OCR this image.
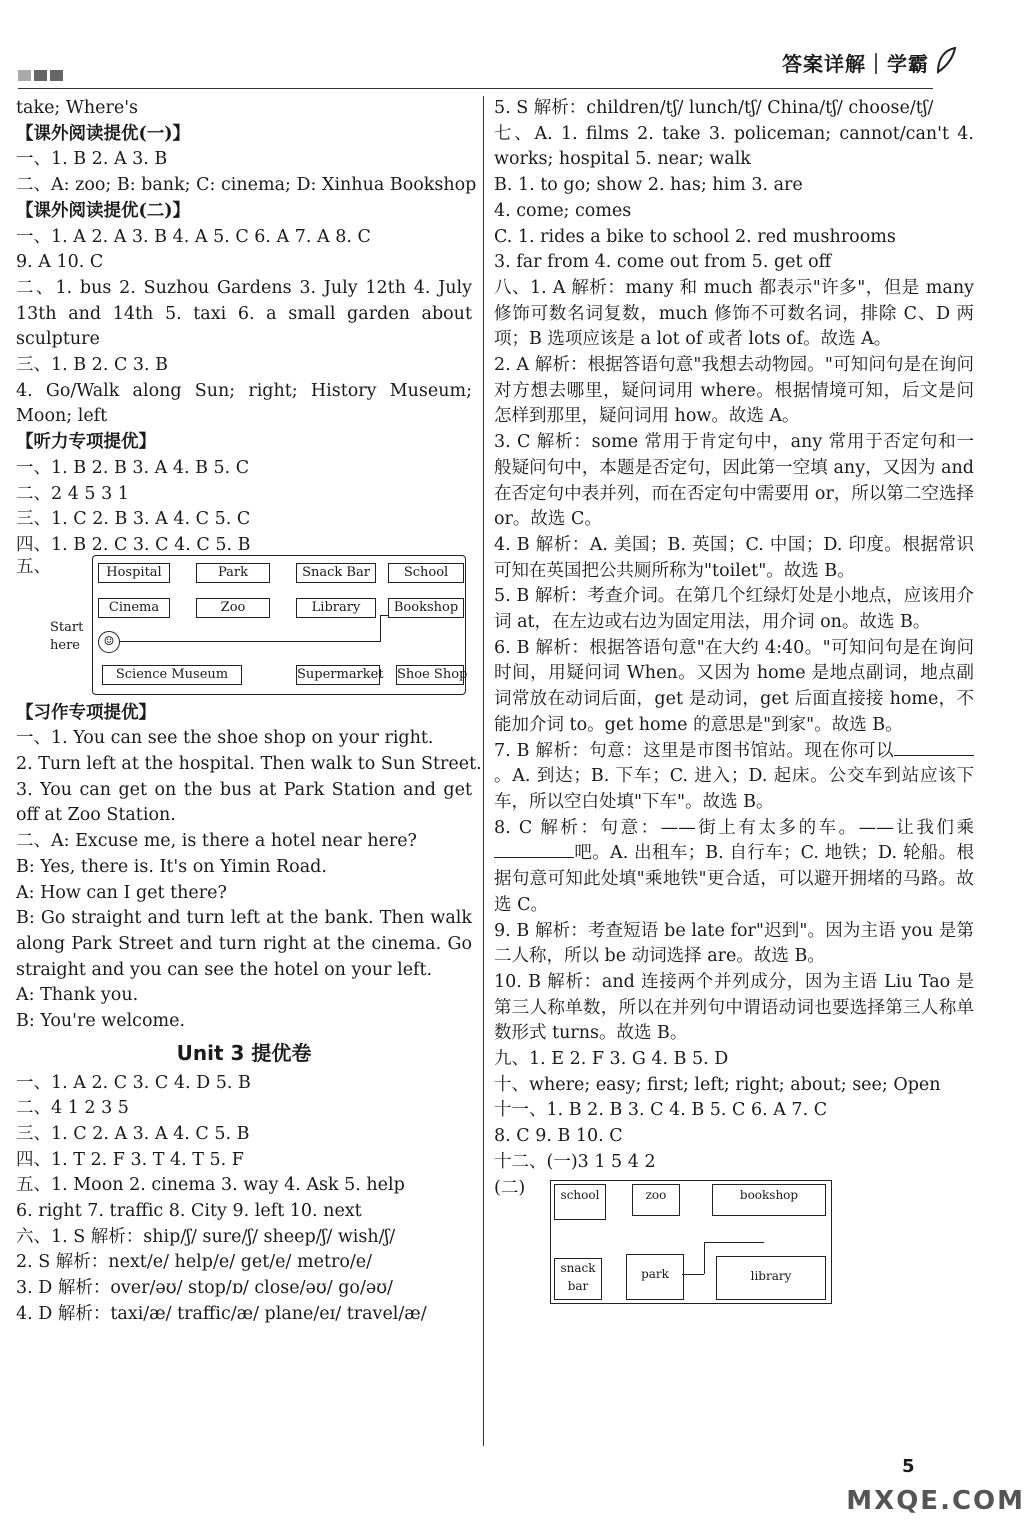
答案详解｜学霸
take; Where's
【课外阅读提优(一)】
一、1. B 2. A 3. B
二、A: zoo; B: bank; C: cinema; D: Xinhua Bookshop
【课外阅读提优(二)】
一、1. A 2. A 3. B 4. A 5. C 6. A 7. A 8. C
9. A 10. C
二、1. bus 2. Suzhou Gardens 3. July 12th 4. July 13th and 14th 5. taxi 6. a small garden about sculpture
三、1. B 2. C 3. B
4. Go/Walk along Sun; right; History Museum; Moon; left
【听力专项提优】
一、1. B 2. B 3. A 4. B 5. C
二、2 4 5 3 1
三、1. C 2. B 3. A 4. C 5. C
四、1. B 2. C 3. C 4. C 5. B
五、
Start
here
Hospital	Park	Snack Bar	School
Cinema	Zoo	Library	Bookshop
☺
Science Museum	Supermarket Shoe Shop
【习作专项提优】
一、1. You can see the shoe shop on your right.
2. Turn left at the hospital. Then walk to Sun Street.
3. You can get on the bus at Park Station and get off at Zoo Station.
二、A: Excuse me, is there a hotel near here?
B: Yes, there is. It's on Yimin Road.
A: How can I get there?
B: Go straight and turn left at the bank. Then walk along Park Street and turn right at the cinema. Go straight and you can see the hotel on your left.
A: Thank you.
B: You're welcome.
Unit 3 提优卷
一、1. A 2. C 3. C 4. D 5. B
二、4 1 2 3 5
三、1. C 2. A 3. A 4. C 5. B
四、1. T 2. F 3. T 4. T 5. F
五、1. Moon 2. cinema 3. way 4. Ask 5. help
6. right 7. traffic 8. City 9. left 10. next
六、1. S 解析：ship/ʃ/ sure/ʃ/ sheep/ʃ/ wish/ʃ/
2. S 解析：next/e/ help/e/ get/e/ metro/e/
3. D 解析：over/əʊ/ stop/ɒ/ close/əʊ/ go/əʊ/
4. D 解析：taxi/æ/ traffic/æ/ plane/eɪ/ travel/æ/
5. S 解析：children/tʃ/ lunch/tʃ/ China/tʃ/ choose/tʃ/
七、A. 1. films 2. take 3. policeman; cannot/can't 4. works; hospital 5. near; walk
B. 1. to go; show 2. has; him 3. are
4. come; comes
C. 1. rides a bike to school 2. red mushrooms
3. far from 4. come out from 5. get off
八、1. A 解析：many 和 much 都表示"许多"，但是 many 修饰可数名词复数，much 修饰不可数名词，排除 C、D 两项；B 选项应该是 a lot of 或者 lots of。故选 A。
2. A 解析：根据答语句意"我想去动物园。"可知问句是在询问对方想去哪里，疑问词用 where。根据情境可知，后文是问怎样到那里，疑问词用 how。故选 A。
3. C 解析：some 常用于肯定句中，any 常用于否定句和一般疑问句中，本题是否定句，因此第一空填 any，又因为 and 在否定句中表并列，而在否定句中需要用 or，所以第二空选择 or。故选 C。
4. B 解析：A. 美国；B. 英国；C. 中国；D. 印度。根据常识可知在英国把公共厕所称为"toilet"。故选 B。
5. B 解析：考查介词。在第几个红绿灯处是小地点，应该用介词 at，在左边或右边为固定用法，用介词 on。故选 B。
6. B 解析：根据答语句意"在大约 4:40。"可知问句是在询问时间，用疑问词 When。又因为 home 是地点副词，地点副词常放在动词后面，get 是动词，get 后面直接接 home，不能加介词 to。get home 的意思是"到家"。故选 B。
7. B 解析：句意：这里是市图书馆站。现在你可以。A. 到达；B. 下车；C. 进入；D. 起床。公交车到站应该下车，所以空白处填"下车"。故选 B。
8. C 解析：句意：——街上有太多的车。——让我们乘吧。A. 出租车；B. 自行车；C. 地铁；D. 轮船。根据句意可知此处填"乘地铁"更合适，可以避开拥堵的马路。故选 C。
9. B 解析：考查短语 be late for"迟到"。因为主语 you 是第二人称，所以 be 动词选择 are。故选 B。
10. B 解析：and 连接两个并列成分，因为主语 Liu Tao 是第三人称单数，所以在并列句中谓语动词也要选择第三人称单数形式 turns。故选 B。
九、1. E 2. F 3. G 4. B 5. D
十、where; easy; first; left; right; about; see; Open
十一、1. B 2. B 3. C 4. B 5. C 6. A 7. C
8. C 9. B 10. C
十二、(一)3 1 5 4 2
(二)	school	zoo	bookshop
snack bar
park	library
5
MXQE.COM
